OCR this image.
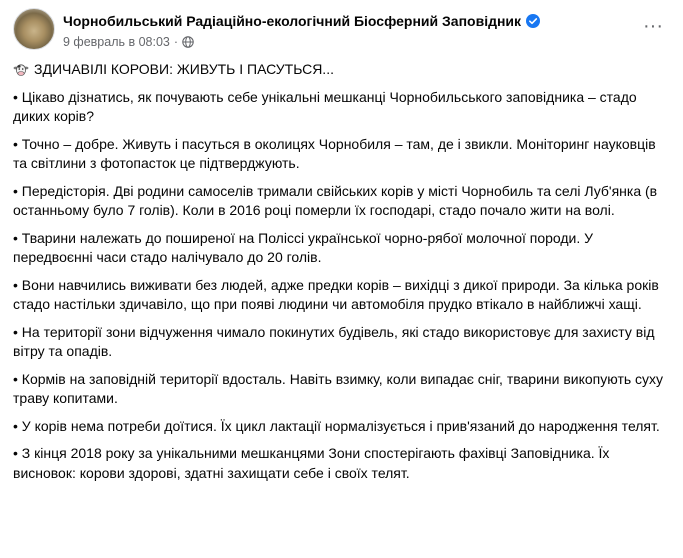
Чорнобильський Радіаційно-екологічний Біосферний Заповідник
9 февраль в 08:03 ·
···
ЗДИЧАВІЛІ КОРОВИ: ЖИВУТЬ І ПАСУТЬСЯ...

• Цікаво дізнатись, як почувають себе унікальні мешканці Чорнобильського заповідника – стадо диких корів?

• Точно – добре. Живуть і пасуться в околицях Чорнобиля – там, де і звикли. Моніторинг науковців та світлини з фотопасток це підтверджують.

• Передісторія. Дві родини самоселів тримали свійських корів у місті Чорнобиль та селі Луб'янка (в останньому було 7 голів). Коли в 2016 році померли їх господарі, стадо почало жити на волі.

• Тварини належать до поширеної на Поліссі української чорно-рябої молочної породи. У передвоєнні часи стадо налічувало до 20 голів.

• Вони навчились виживати без людей, адже предки корів – вихідці з дикої природи. За кілька років стадо настільки здичавіло, що при появі людини чи автомобіля прудко втікало в найближчі хащі.

• На території зони відчуження чимало покинутих будівель, які стадо використовує для захисту від вітру та опадів.

• Кормів на заповідній території вдосталь. Навіть взимку, коли випадає сніг, тварини викопують суху траву копитами.

• У корів нема потреби доїтися. Їх цикл лактації нормалізується і прив'язаний до народження телят.

• З кінця 2018 року за унікальними мешканцями Зони спостерігають фахівці Заповідника. Їх висновок: корови здорові, здатні захищати себе і своїх телят.
